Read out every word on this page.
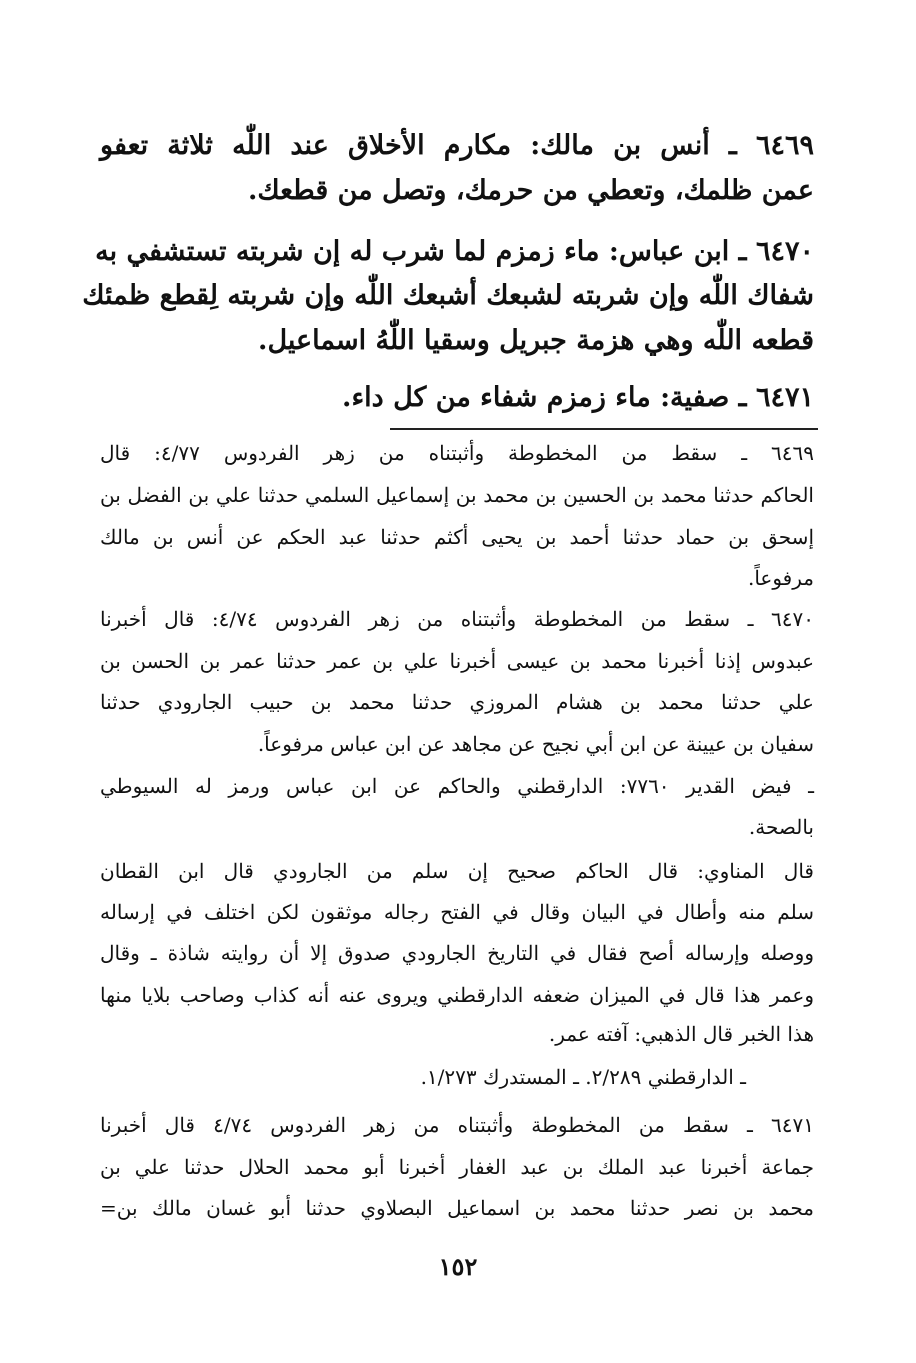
٦٤٦٩ ـ أنس بن مالك: مكارم الأخلاق عند اللّٰه ثلاثة تعفو
عمن ظلمك، وتعطي من حرمك، وتصل من قطعك.
٦٤٧٠ ـ ابن عباس: ماء زمزم لما شرب له إن شربته تستشفي به
شفاك اللّٰه وإن شربته لشبعك أشبعك اللّٰه وإن شربته لِقطع ظمئك
قطعه اللّٰه وهي هزمة جبريل وسقيا اللّٰهُ اسماعيل.
٦٤٧١ ـ صفية: ماء زمزم شفاء من كل داء.
٦٤٦٩ ـ سقط من المخطوطة وأثبتناه من زهر الفردوس ٤/٧٧: قال
الحاكم حدثنا محمد بن الحسين بن محمد بن إسماعيل السلمي حدثنا علي بن الفضل بن
إسحق بن حماد حدثنا أحمد بن يحيى أكثم حدثنا عبد الحكم عن أنس بن مالك
مرفوعاً.
٦٤٧٠ ـ سقط من المخطوطة وأثبتناه من زهر الفردوس ٤/٧٤: قال أخبرنا
عبدوس إذنا أخبرنا محمد بن عيسى أخبرنا علي بن عمر حدثنا عمر بن الحسن بن
علي حدثنا محمد بن هشام المروزي حدثنا محمد بن حبيب الجارودي حدثنا
سفيان بن عيينة عن ابن أبي نجيح عن مجاهد عن ابن عباس مرفوعاً.
ـ فيض القدير ٧٧٦٠: الدارقطني والحاكم عن ابن عباس ورمز له السيوطي
بالصحة.
قال المناوي: قال الحاكم صحيح إن سلم من الجارودي قال ابن القطان
سلم منه وأطال في البيان وقال في الفتح رجاله موثقون لكن اختلف في إرساله
ووصله وإرساله أصح فقال في التاريخ الجارودي صدوق إلا أن روايته شاذة ـ وقال
وعمر هذا قال في الميزان ضعفه الدارقطني ويروى عنه أنه كذاب وصاحب بلايا منها
هذا الخبر قال الذهبي: آفته عمر.
ـ الدارقطني ٢/٢٨٩. ـ المستدرك ١/٢٧٣.
٦٤٧١ ـ سقط من المخطوطة وأثبتناه من زهر الفردوس ٤/٧٤ قال أخبرنا
جماعة أخبرنا عبد الملك بن عبد الغفار أخبرنا أبو محمد الحلال حدثنا علي بن
محمد بن نصر حدثنا محمد بن اسماعيل البصلاوي حدثنا أبو غسان مالك بن=
١٥٢
